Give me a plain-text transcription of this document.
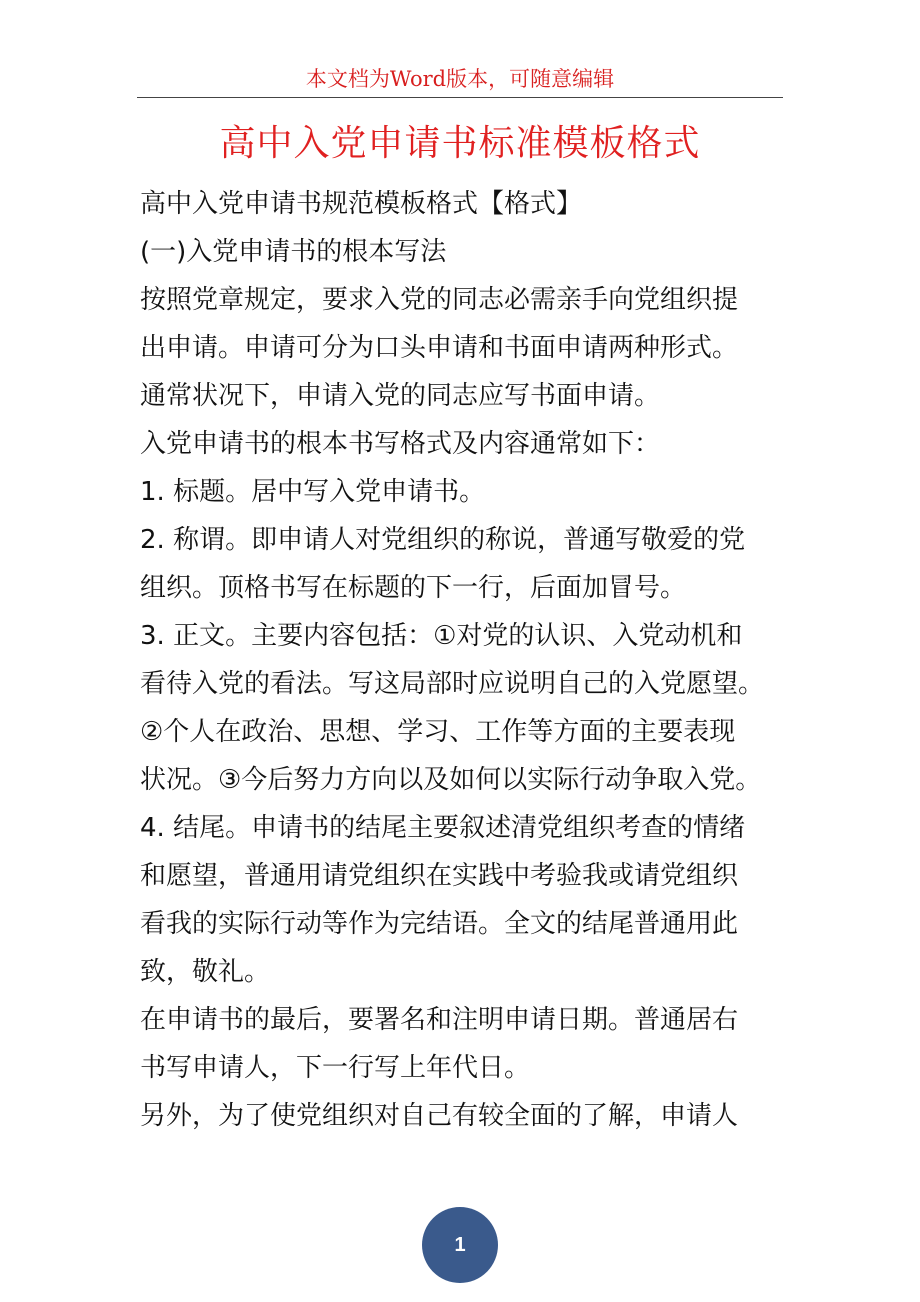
本文档为Word版本，可随意编辑
高中入党申请书标准模板格式
高中入党申请书规范模板格式【格式】
(一)入党申请书的根本写法
按照党章规定，要求入党的同志必需亲手向党组织提
出申请。申请可分为口头申请和书面申请两种形式。
通常状况下，申请入党的同志应写书面申请。
入党申请书的根本书写格式及内容通常如下：
1. 标题。居中写入党申请书。
2. 称谓。即申请人对党组织的称说，普通写敬爱的党
组织。顶格书写在标题的下一行，后面加冒号。
3. 正文。主要内容包括：①对党的认识、入党动机和
看待入党的看法。写这局部时应说明自己的入党愿望。
②个人在政治、思想、学习、工作等方面的主要表现
状况。③今后努力方向以及如何以实际行动争取入党。
4. 结尾。申请书的结尾主要叙述清党组织考查的情绪
和愿望，普通用请党组织在实践中考验我或请党组织
看我的实际行动等作为完结语。全文的结尾普通用此
致，敬礼。
在申请书的最后，要署名和注明申请日期。普通居右
书写申请人，下一行写上年代日。
另外，为了使党组织对自己有较全面的了解，申请人
1
